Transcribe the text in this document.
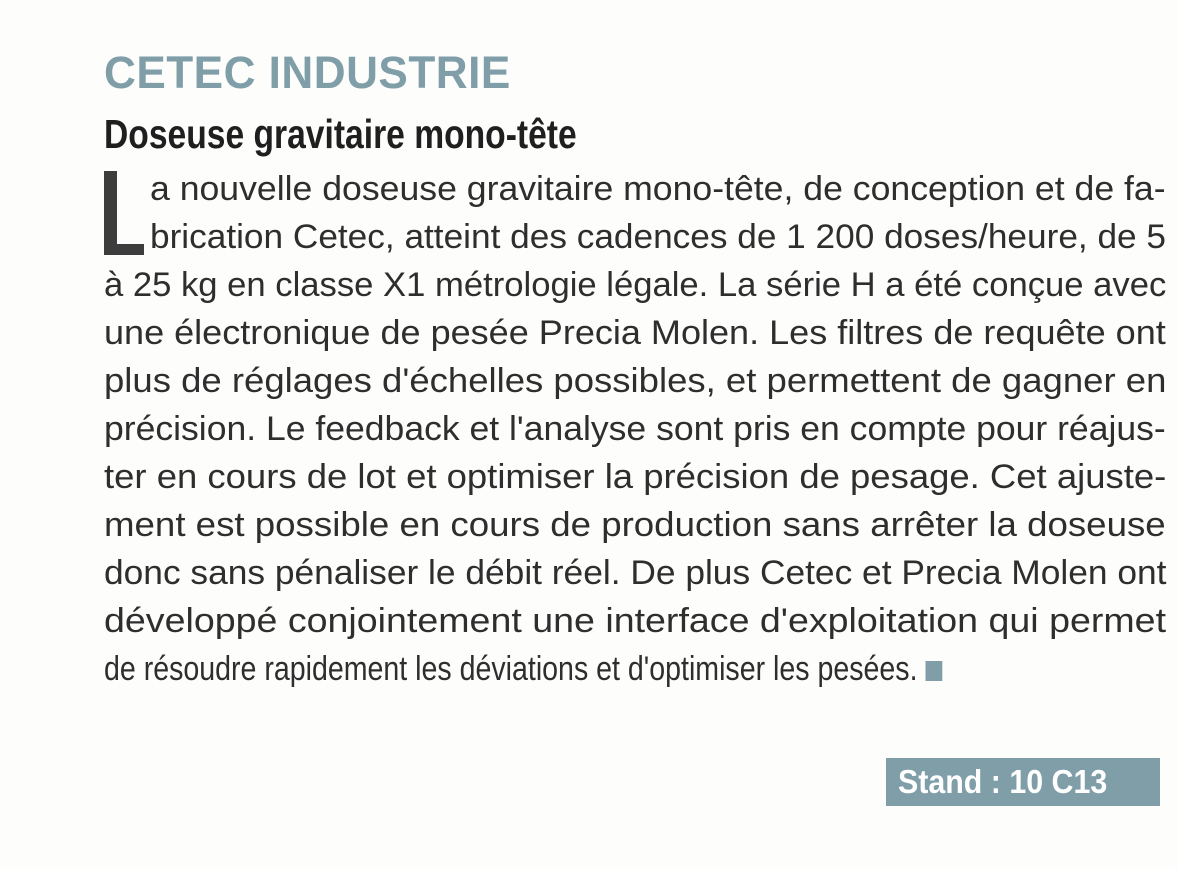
CETEC INDUSTRIE
Doseuse gravitaire mono-tête
a nouvelle doseuse gravitaire mono-tête, de conception et de fa-
brication Cetec, atteint des cadences de 1 200 doses/heure, de 5
à 25 kg en classe X1 métrologie légale. La série H a été conçue avec
une électronique de pesée Precia Molen. Les filtres de requête ont
plus de réglages d'échelles possibles, et permettent de gagner en
précision. Le feedback et l'analyse sont pris en compte pour réajus-
ter en cours de lot et optimiser la précision de pesage. Cet ajuste-
ment est possible en cours de production sans arrêter la doseuse
donc sans pénaliser le débit réel. De plus Cetec et Precia Molen ont
développé conjointement une interface d'exploitation qui permet
de résoudre rapidement les déviations et d'optimiser les pesées.
Stand : 10 C13
